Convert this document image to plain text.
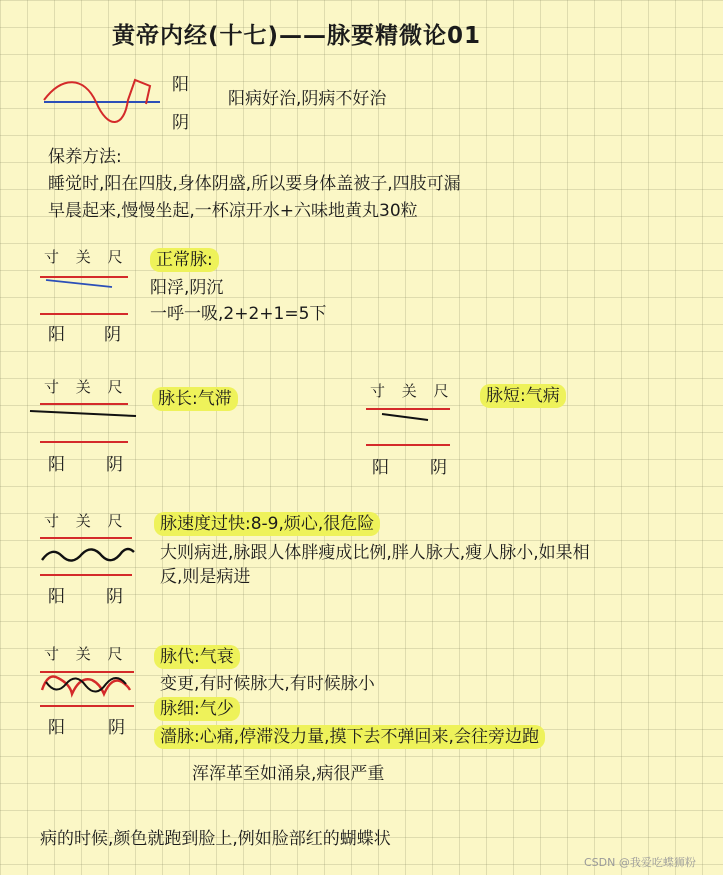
黄帝内经(十七)——脉要精微论01
阳
阴
阳病好治,阴病不好治
保养方法:
睡觉时,阳在四肢,身体阴盛,所以要身体盖被子,四肢可漏
早晨起来,慢慢坐起,一杯凉开水+六味地黄丸30粒
寸 关 尺	正常脉:
阳浮,阴沉
一呼一吸,2+2+1=5下
阳 阴
寸 关 尺
脉长:气滞
阳 阴
寸 关 尺	脉短:气病
阳 阴
寸 关 尺	脉速度过快:8-9,烦心,很危险
大则病进,脉跟人体胖瘦成比例,胖人脉大,瘦人脉小,如果相
反,则是病进
阳 阴
寸 关 尺	脉代:气衰
变更,有时候脉大,有时候脉小
脉细:气少
濇脉:心痛,停滞没力量,摸下去不弹回来,会往旁边跑
浑浑革至如涌泉,病很严重
阳	阴
病的时候,颜色就跑到脸上,例如脸部红的蝴蝶状
CSDN @我爱吃蝶狮粉
